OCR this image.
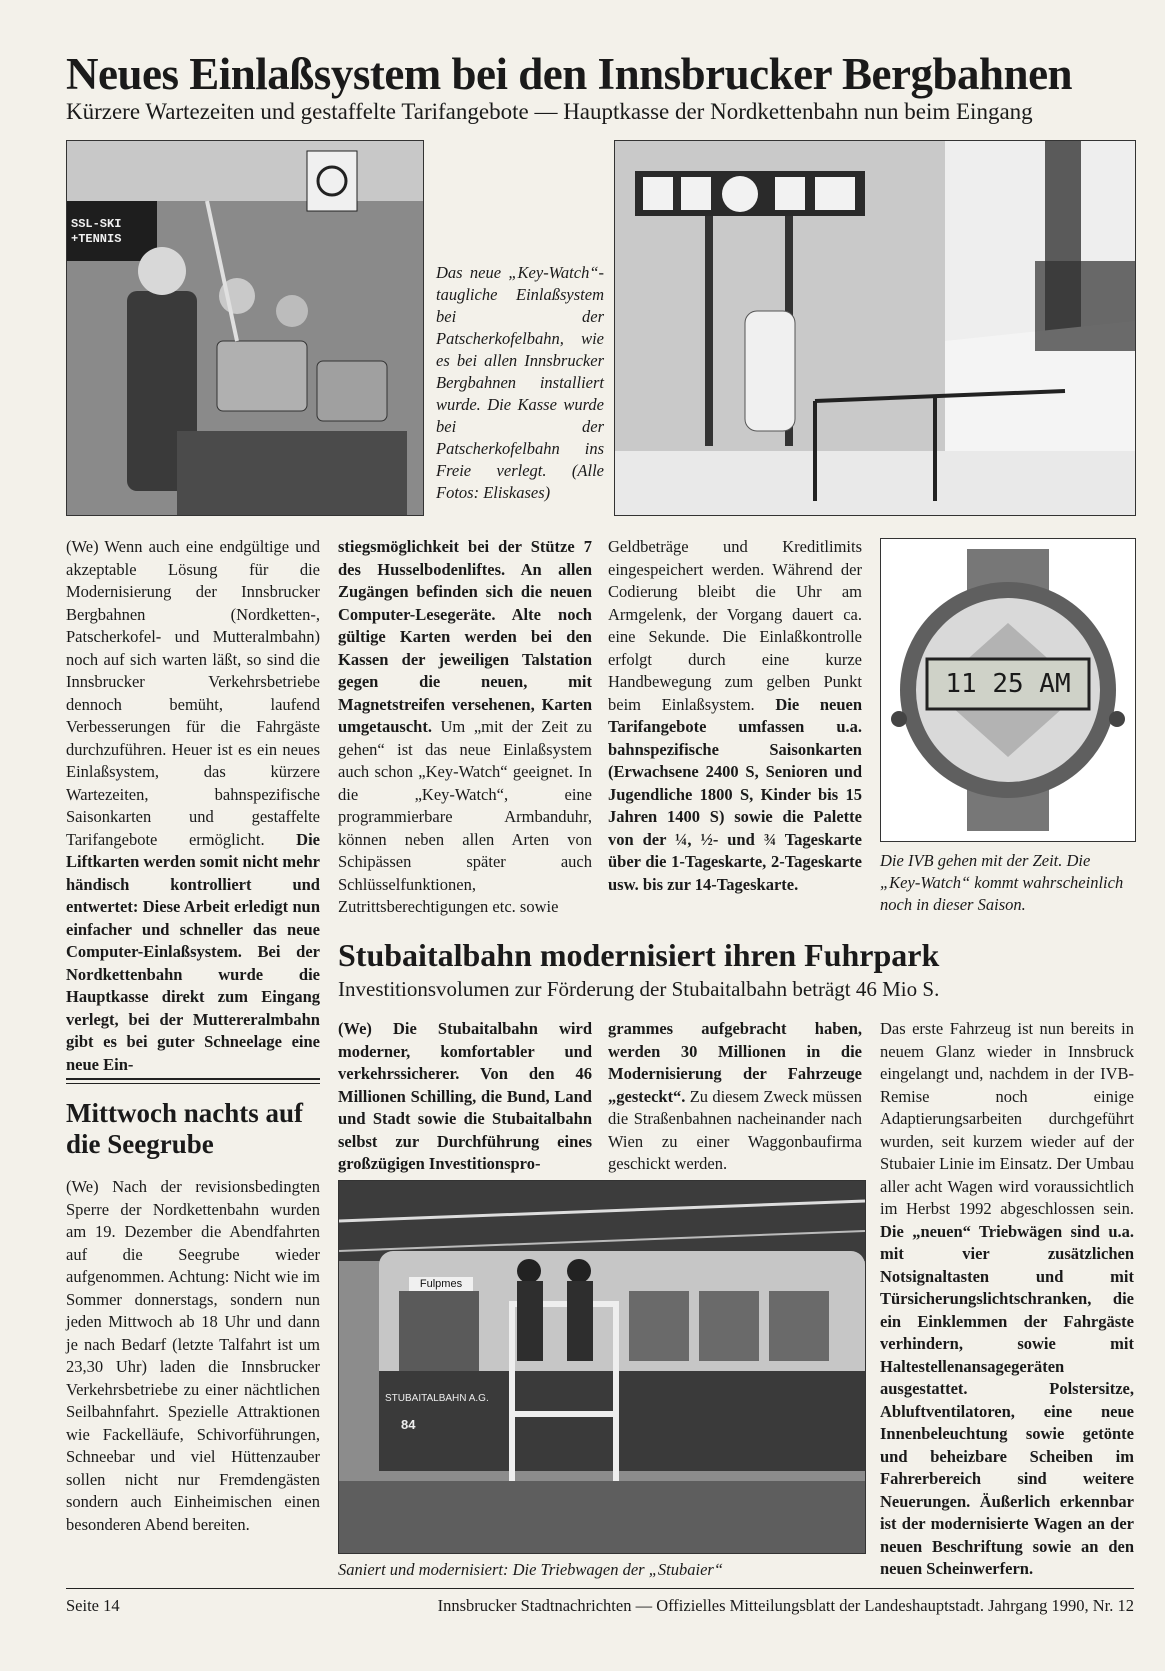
Neues Einlaßsystem bei den Innsbrucker Bergbahnen

Kürzere Wartezeiten und gestaffelte Tarifangebote — Hauptkasse der Nordkettenbahn nun beim Eingang

SSL-SKI +TENNIS

Das neue „Key-Watch“-taugliche Einlaßsystem bei der Patscherkofelbahn, wie es bei allen Innsbrucker Bergbahnen installiert wurde. Die Kasse wurde bei der Patscherkofelbahn ins Freie verlegt. (Alle Fotos: Eliskases)

(We) Wenn auch eine endgültige und akzeptable Lösung für die Modernisierung der Innsbrucker Bergbahnen (Nordketten-, Patscherkofel- und Mutteralmbahn) noch auf sich warten läßt, so sind die Innsbrucker Verkehrsbetriebe dennoch bemüht, laufend Verbesserungen für die Fahrgäste durchzuführen. Heuer ist es ein neues Einlaßsystem, das kürzere Wartezeiten, bahnspezifische Saisonkarten und gestaffelte Tarifangebote ermöglicht. Die Liftkarten werden somit nicht mehr händisch kontrolliert und entwertet: Diese Arbeit erledigt nun einfacher und schneller das neue Computer-Einlaßsystem. Bei der Nordkettenbahn wurde die Hauptkasse direkt zum Eingang verlegt, bei der Muttereralmbahn gibt es bei guter Schneelage eine neue Ein-
stiegsmöglichkeit bei der Stütze 7 des Husselbodenliftes. An allen Zugängen befinden sich die neuen Computer-Lesegeräte. Alte noch gültige Karten werden bei den Kassen der jeweiligen Talstation gegen die neuen, mit Magnetstreifen versehenen, Karten umgetauscht. Um „mit der Zeit zu gehen“ ist das neue Einlaßsystem auch schon „Key-Watch“ geeignet. In die „Key-Watch“, eine programmierbare Armbanduhr, können neben allen Arten von Schipässen später auch Schlüsselfunktionen, Zutrittsberechtigungen etc. sowie
Geldbeträge und Kreditlimits eingespeichert werden. Während der Codierung bleibt die Uhr am Armgelenk, der Vorgang dauert ca. eine Sekunde. Die Einlaßkontrolle erfolgt durch eine kurze Handbewegung zum gelben Punkt beim Einlaßsystem. Die neuen Tarifangebote umfassen u.a. bahnspezifische Saisonkarten (Erwachsene 2400 S, Senioren und Jugendliche 1800 S, Kinder bis 15 Jahren 1400 S) sowie die Palette von der ¼, ½- und ¾ Tageskarte über die 1-Tageskarte, 2-Tageskarte usw. bis zur 14-Tageskarte.
11 25 AM

Die IVB gehen mit der Zeit. Die „Key-Watch“ kommt wahrscheinlich noch in dieser Saison.

Mittwoch nachts auf die Seegrube
(We) Nach der revisionsbedingten Sperre der Nordkettenbahn wurden am 19. Dezember die Abendfahrten auf die Seegrube wieder aufgenommen. Achtung: Nicht wie im Sommer donnerstags, sondern nun jeden Mittwoch ab 18 Uhr und dann je nach Bedarf (letzte Talfahrt ist um 23,30 Uhr) laden die Innsbrucker Verkehrsbetriebe zu einer nächtlichen Seilbahnfahrt. Spezielle Attraktionen wie Fackelläufe, Schivorführungen, Schneebar und viel Hüttenzauber sollen nicht nur Fremdengästen sondern auch Einheimischen einen besonderen Abend bereiten.
Stubaitalbahn modernisiert ihren Fuhrpark

Investitionsvolumen zur Förderung der Stubaitalbahn beträgt 46 Mio S.

(We) Die Stubaitalbahn wird moderner, komfortabler und verkehrssicherer. Von den 46 Millionen Schilling, die Bund, Land und Stadt sowie die Stubaitalbahn selbst zur Durchführung eines großzügigen Investitionspro-
grammes aufgebracht haben, werden 30 Millionen in die Modernisierung der Fahrzeuge „gesteckt“. Zu diesem Zweck müssen die Straßenbahnen nacheinander nach Wien zu einer Waggonbaufirma geschickt werden.
Das erste Fahrzeug ist nun bereits in neuem Glanz wieder in Innsbruck eingelangt und, nachdem in der IVB-Remise noch einige Adaptierungsarbeiten durchgeführt wurden, seit kurzem wieder auf der Stubaier Linie im Einsatz. Der Umbau aller acht Wagen wird voraussichtlich im Herbst 1992 abgeschlossen sein. Die „neuen“ Triebwägen sind u.a. mit vier zusätzlichen Notsignaltasten und mit Türsicherungslichtschranken, die ein Einklemmen der Fahrgäste verhindern, sowie mit Haltestellenansagegeräten ausgestattet. Polstersitze, Abluftventilatoren, eine neue Innenbeleuchtung sowie getönte und beheizbare Scheiben im Fahrerbereich sind weitere Neuerungen. Äußerlich erkennbar ist der modernisierte Wagen an der neuen Beschriftung sowie an den neuen Scheinwerfern.
Fulpmes
STUBAITALBAHN A.G.
84

Saniert und modernisiert: Die Triebwagen der „Stubaier“

Seite 14	Innsbrucker Stadtnachrichten — Offizielles Mitteilungsblatt der Landeshauptstadt. Jahrgang 1990, Nr. 12
